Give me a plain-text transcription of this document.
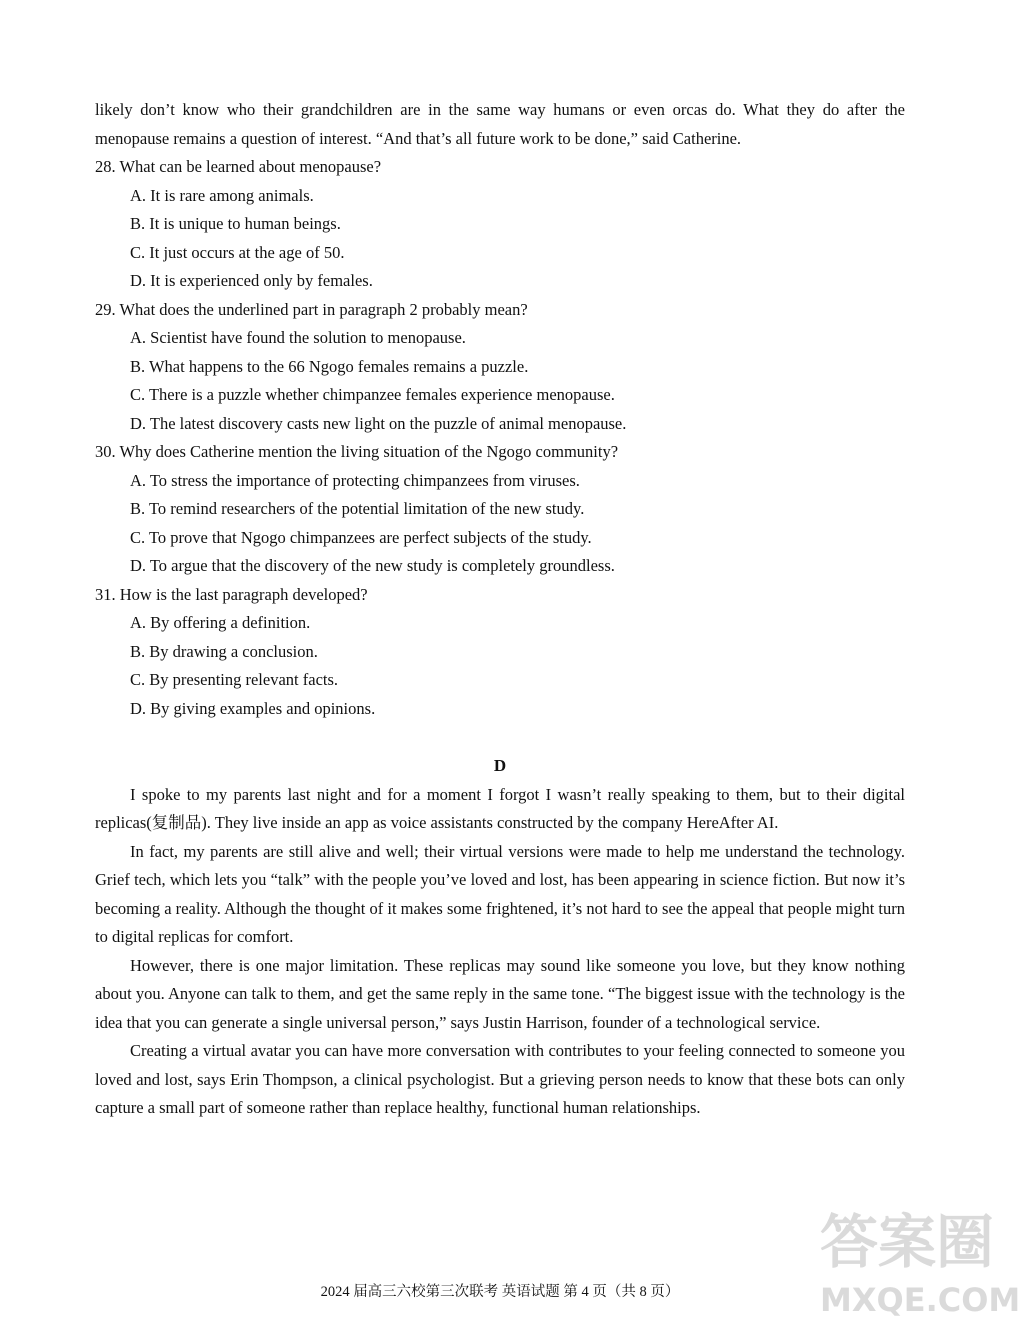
likely don’t know who their grandchildren are in the same way humans or even orcas do. What they do after the menopause remains a question of interest. “And that’s all future work to be done,” said Catherine.

28. What can be learned about menopause?

A. It is rare among animals.

B. It is unique to human beings.

C. It just occurs at the age of 50.

D. It is experienced only by females.

29. What does the underlined part in paragraph 2 probably mean?

A. Scientist have found the solution to menopause.

B. What happens to the 66 Ngogo females remains a puzzle.

C. There is a puzzle whether chimpanzee females experience menopause.

D. The latest discovery casts new light on the puzzle of animal menopause.

30. Why does Catherine mention the living situation of the Ngogo community?

A. To stress the importance of protecting chimpanzees from viruses.

B. To remind researchers of the potential limitation of the new study.

C. To prove that Ngogo chimpanzees are perfect subjects of the study.

D. To argue that the discovery of the new study is completely groundless.

31. How is the last paragraph developed?

A. By offering a definition.

B. By drawing a conclusion.

C. By presenting relevant facts.

D. By giving examples and opinions.

D

I spoke to my parents last night and for a moment I forgot I wasn’t really speaking to them, but to their digital replicas(复制品). They live inside an app as voice assistants constructed by the company HereAfter AI.

In fact, my parents are still alive and well; their virtual versions were made to help me understand the technology. Grief tech, which lets you “talk” with the people you’ve loved and lost, has been appearing in science fiction. But now it’s becoming a reality. Although the thought of it makes some frightened, it’s not hard to see the appeal that people might turn to digital replicas for comfort.

However, there is one major limitation. These replicas may sound like someone you love, but they know nothing about you. Anyone can talk to them, and get the same reply in the same tone. “The biggest issue with the technology is the idea that you can generate a single universal person,” says Justin Harrison, founder of a technological service.

Creating a virtual avatar you can have more conversation with contributes to your feeling connected to someone you loved and lost, says Erin Thompson, a clinical psychologist. But a grieving person needs to know that these bots can only capture a small part of someone rather than replace healthy, functional human relationships.

2024 届高三六校第三次联考 英语试题 第 4 页（共 8 页）
答案圈
MXQE.COM
